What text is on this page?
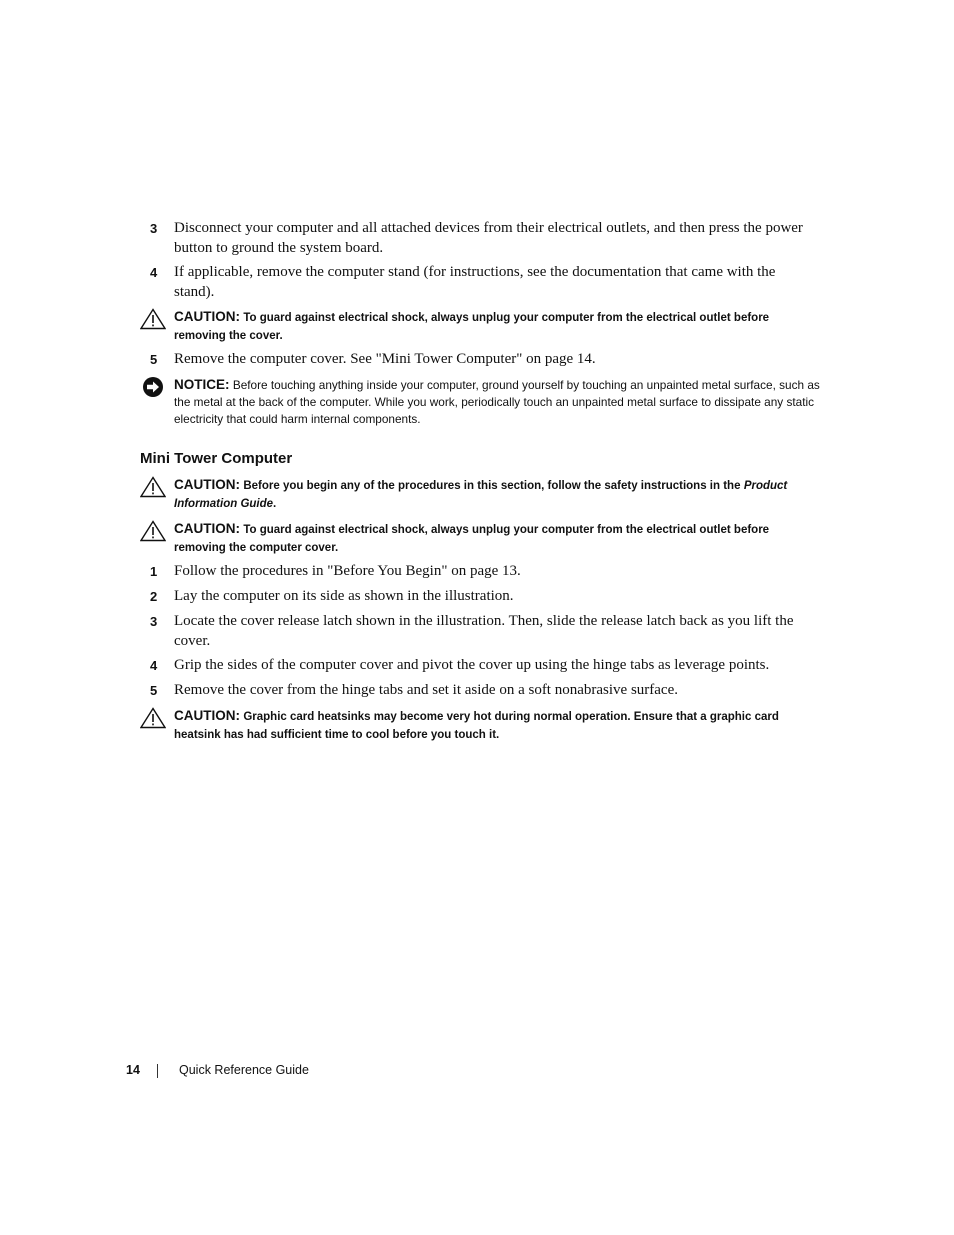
3 Disconnect your computer and all attached devices from their electrical outlets, and then press the power button to ground the system board.
4 If applicable, remove the computer stand (for instructions, see the documentation that came with the stand).
CAUTION: To guard against electrical shock, always unplug your computer from the electrical outlet before removing the cover.
5 Remove the computer cover. See "Mini Tower Computer" on page 14.
NOTICE: Before touching anything inside your computer, ground yourself by touching an unpainted metal surface, such as the metal at the back of the computer. While you work, periodically touch an unpainted metal surface to dissipate any static electricity that could harm internal components.
Mini Tower Computer
CAUTION: Before you begin any of the procedures in this section, follow the safety instructions in the Product Information Guide.
CAUTION: To guard against electrical shock, always unplug your computer from the electrical outlet before removing the computer cover.
1 Follow the procedures in "Before You Begin" on page 13.
2 Lay the computer on its side as shown in the illustration.
3 Locate the cover release latch shown in the illustration. Then, slide the release latch back as you lift the cover.
4 Grip the sides of the computer cover and pivot the cover up using the hinge tabs as leverage points.
5 Remove the cover from the hinge tabs and set it aside on a soft nonabrasive surface.
CAUTION: Graphic card heatsinks may become very hot during normal operation. Ensure that a graphic card heatsink has had sufficient time to cool before you touch it.
14	Quick Reference Guide
